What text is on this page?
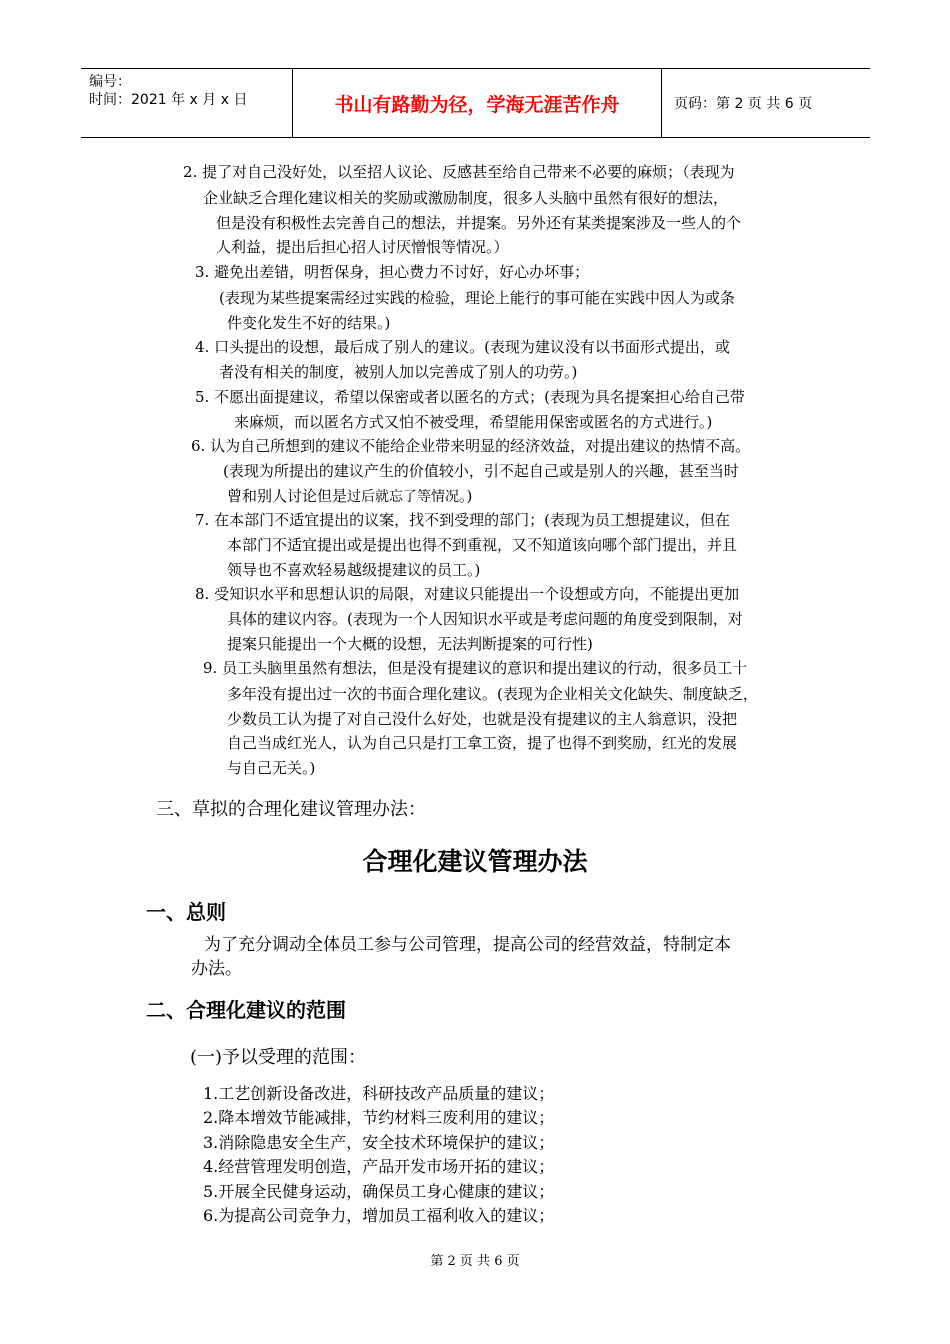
编号：
时间：2021 年 x 月 x 日	书山有路勤为径，学海无涯苦作舟	页码：第 2 页 共 6 页
2. 提了对自己没好处，以至招人议论、反感甚至给自己带来不必要的麻烦；（表现为
企业缺乏合理化建议相关的奖励或激励制度，很多人头脑中虽然有很好的想法，
但是没有积极性去完善自己的想法，并提案。另外还有某类提案涉及一些人的个
人利益，提出后担心招人讨厌憎恨等情况。）
3. 避免出差错，明哲保身，担心费力不讨好，好心办坏事；
(表现为某些提案需经过实践的检验，理论上能行的事可能在实践中因人为或条
件变化发生不好的结果。)
4. 口头提出的设想，最后成了别人的建议。(表现为建议没有以书面形式提出，或
者没有相关的制度，被别人加以完善成了别人的功劳。)
5. 不愿出面提建议，希望以保密或者以匿名的方式；(表现为具名提案担心给自己带
来麻烦，而以匿名方式又怕不被受理，希望能用保密或匿名的方式进行。)
6. 认为自己所想到的建议不能给企业带来明显的经济效益，对提出建议的热情不高。
(表现为所提出的建议产生的价值较小，引不起自己或是别人的兴趣，甚至当时
曾和别人讨论但是过后就忘了等情况。)
7. 在本部门不适宜提出的议案，找不到受理的部门；(表现为员工想提建议，但在
本部门不适宜提出或是提出也得不到重视，又不知道该向哪个部门提出，并且
领导也不喜欢轻易越级提建议的员工。)
8. 受知识水平和思想认识的局限，对建议只能提出一个设想或方向，不能提出更加
具体的建议内容。(表现为一个人因知识水平或是考虑问题的角度受到限制，对
提案只能提出一个大概的设想，无法判断提案的可行性)
9. 员工头脑里虽然有想法，但是没有提建议的意识和提出建议的行动，很多员工十
多年没有提出过一次的书面合理化建议。(表现为企业相关文化缺失、制度缺乏，
少数员工认为提了对自己没什么好处，也就是没有提建议的主人翁意识，没把
自己当成红光人，认为自己只是打工拿工资，提了也得不到奖励，红光的发展
与自己无关。)
三、草拟的合理化建议管理办法：
合理化建议管理办法
一、总则
为了充分调动全体员工参与公司管理，提高公司的经营效益，特制定本
办法。
二、合理化建议的范围
(一)予以受理的范围：
1.工艺创新设备改进，科研技改产品质量的建议；
2.降本增效节能减排，节约材料三废利用的建议；
3.消除隐患安全生产，安全技术环境保护的建议；
4.经营管理发明创造，产品开发市场开拓的建议；
5.开展全民健身运动，确保员工身心健康的建议；
6.为提高公司竞争力，增加员工福利收入的建议；
第 2 页 共 6 页
